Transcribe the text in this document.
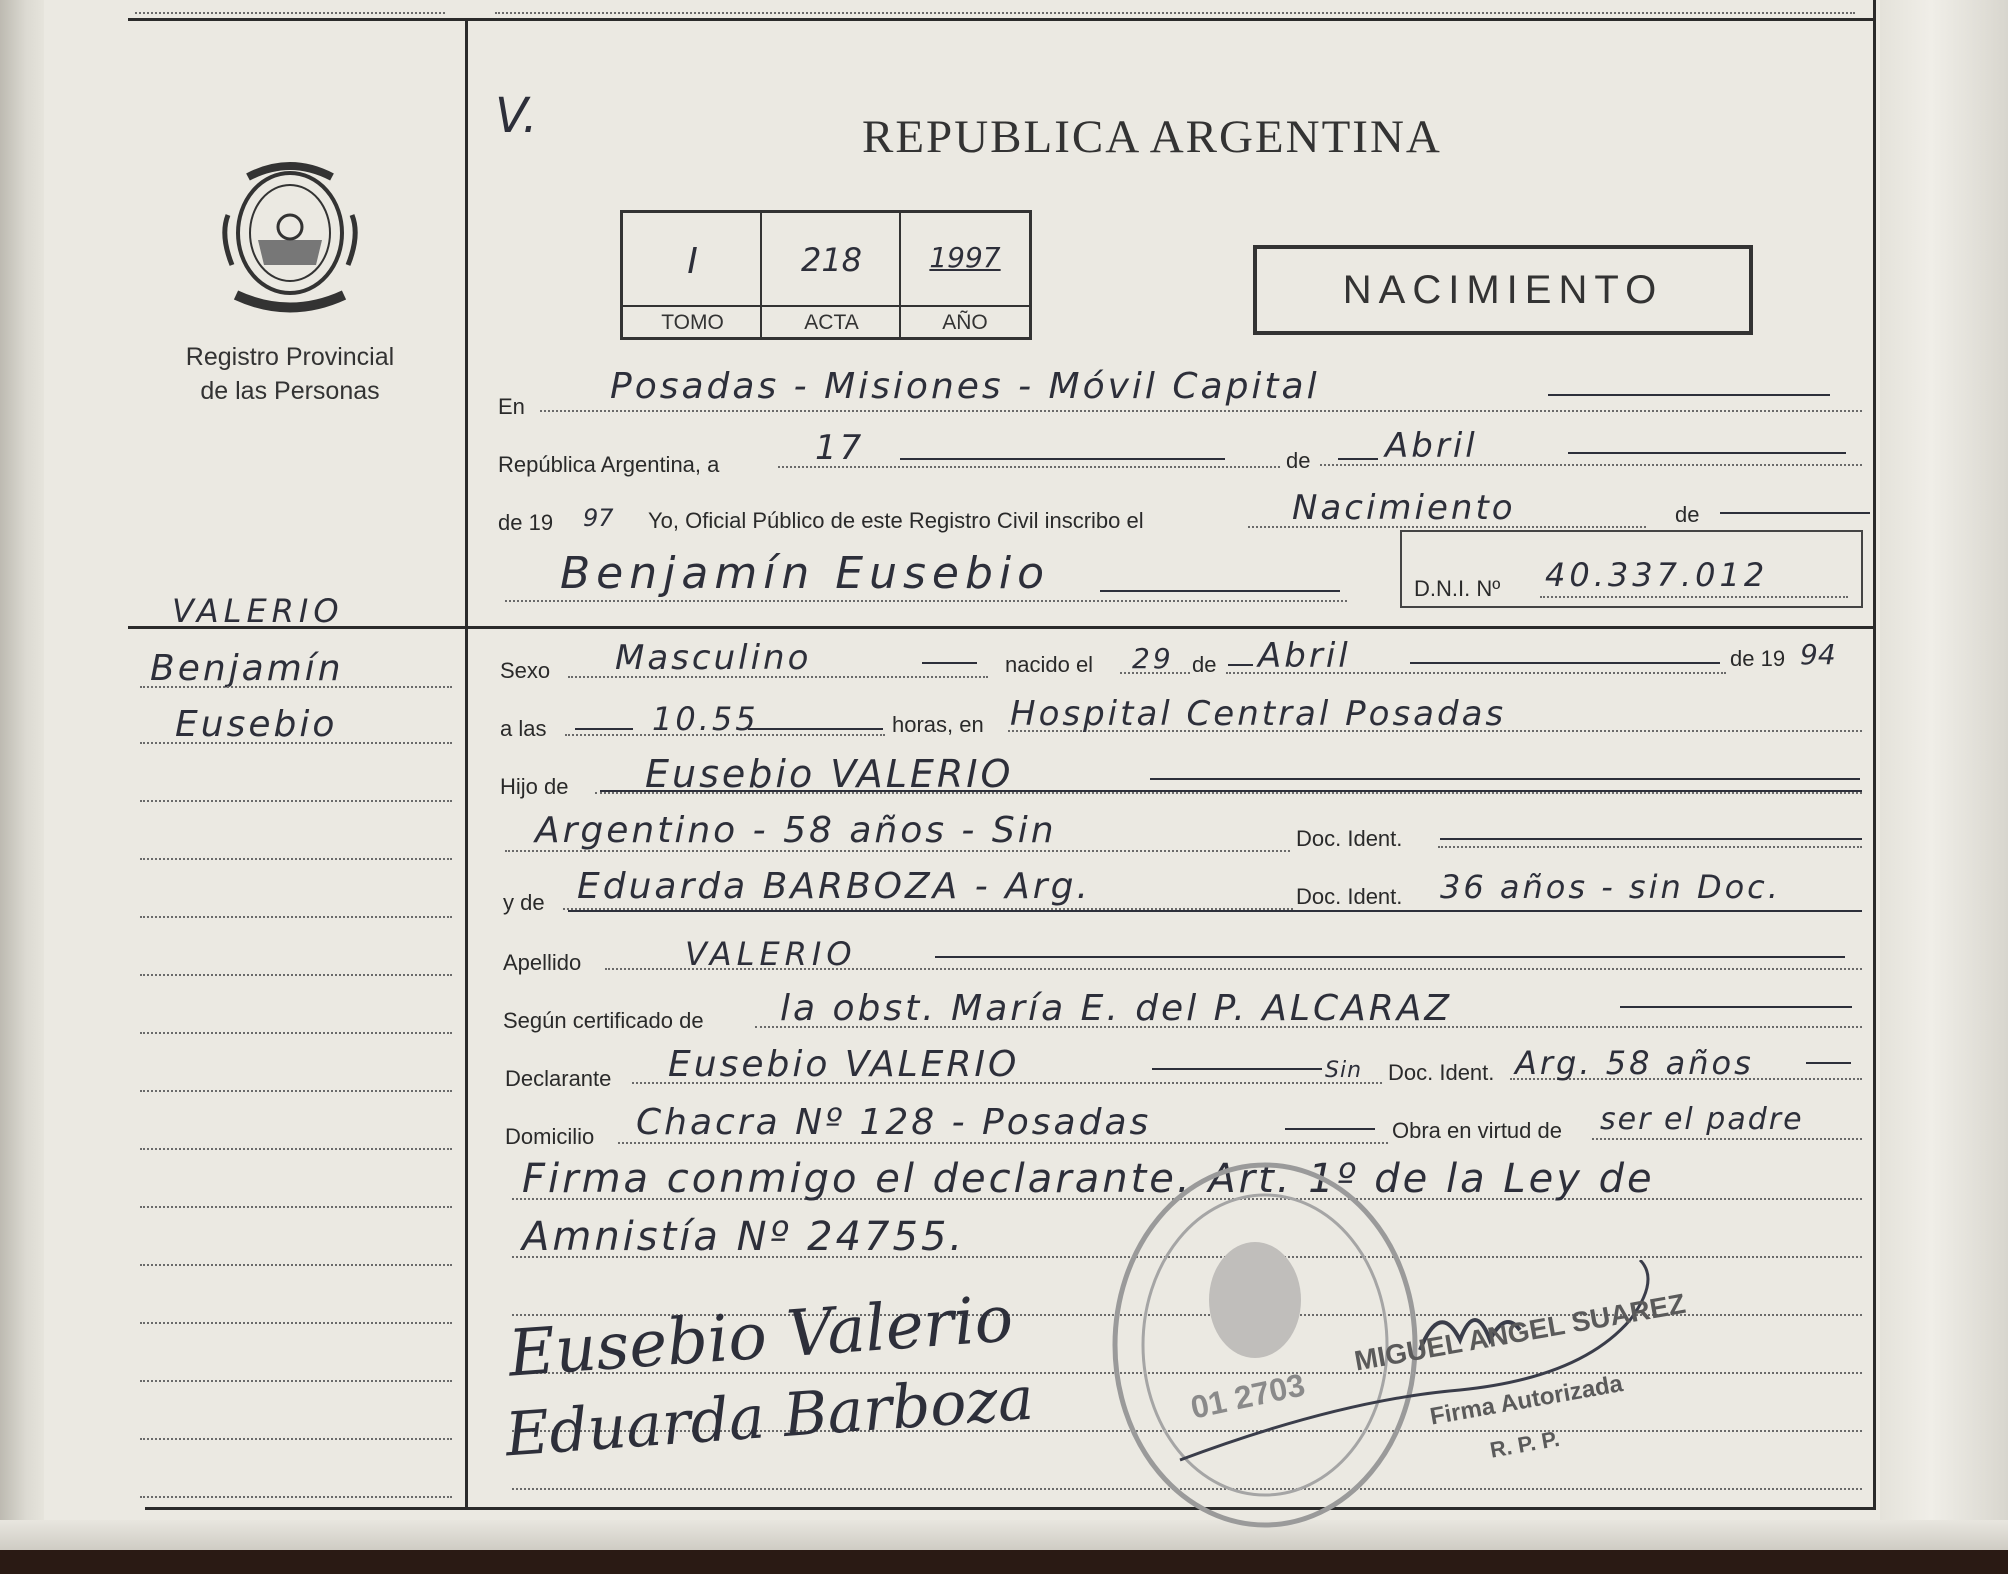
Registro Provincial
de las Personas
VALERIO
Benjamín
Eusebio
V.	REPUBLICA ARGENTINA
I	218	1997
TOMO	ACTA	AÑO
NACIMIENTO
En Posadas - Misiones - Móvil Capital
República Argentina, a	17	de Abril
de 19 97 Yo, Oficial Público de este Registro Civil inscribo el	Nacimiento	de
Benjamín Eusebio	D.N.I. Nº 40.337.012
Sexo Masculino	nacido el 29 de Abril	de 19 94
a las	10.55	horas, en Hospital Central Posadas
Hijo de Eusebio VALERIO
Argentino - 58 años - Sin	Doc. Ident.
y de Eduarda BARBOZA - Arg.	Doc. Ident. 36 años - sin Doc.
Apellido	VALERIO
Según certificado de la obst. María E. del P. ALCARAZ
Declarante Eusebio VALERIO	Sin Doc. Ident. Arg. 58 años
Domicilio Chacra Nº 128 - Posadas	Obra en virtud de ser el padre
Firma conmigo el declarante. Art. 1º de la Ley de
Amnistía Nº 24755.
01 2703
Eusebio Valerio
Eduarda Barboza
MIGUEL ANGEL SUAREZ
Firma Autorizada
R. P. P.
